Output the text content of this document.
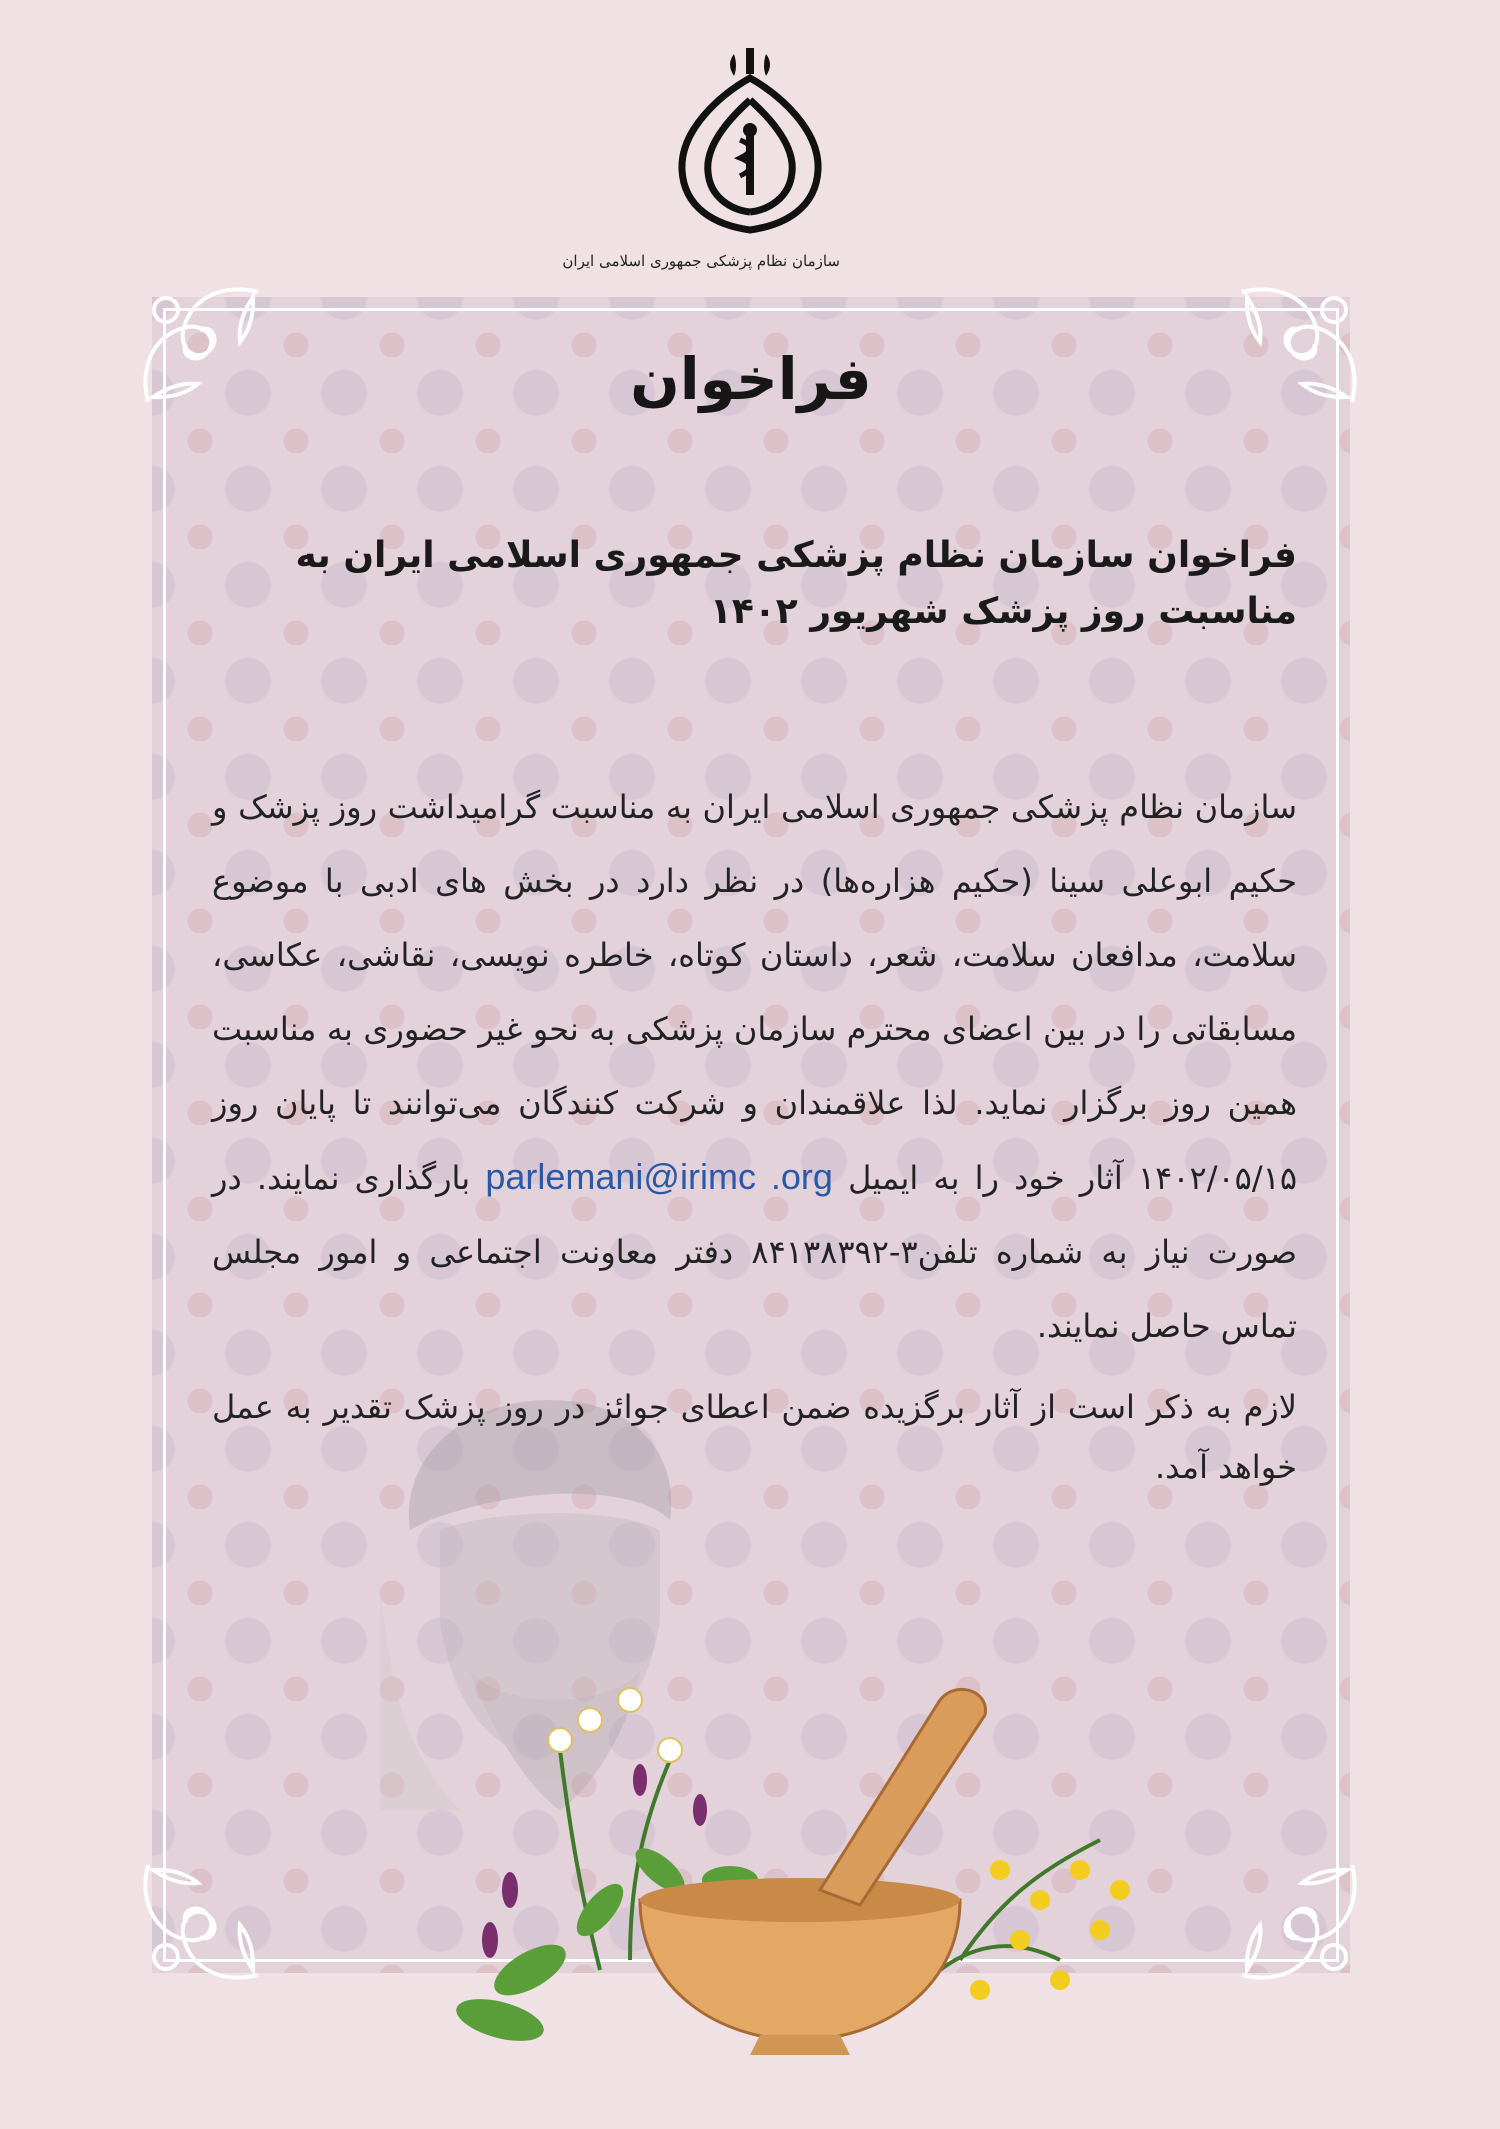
سازمان نظام پزشکی جمهوری اسلامی ایران
فراخوان
فراخوان سازمان نظام پزشکی جمهوری اسلامی ایران به مناسبت روز پزشک شهریور ۱۴۰۲

سازمان نظام پزشکی جمهوری اسلامی ایران به مناسبت گرامیداشت روز پزشک و حکیم ابوعلی سینا (حکیم هزاره‌ها) در نظر دارد در بخش های ادبی با موضوع سلامت، مدافعان سلامت، شعر، داستان کوتاه، خاطره نویسی، نقاشی، عکاسی، مسابقاتی را در بین اعضای محترم سازمان پزشکی به نحو غیر حضوری به مناسبت همین روز برگزار نماید. لذا علاقمندان و شرکت کنندگان می‌توانند تا پایان روز ۱۴۰۲/۰۵/۱۵ آثار خود را به ایمیل parlemani@irimc .org بارگذاری نمایند. در صورت نیاز به شماره تلفن۳-۸۴۱۳۸۳۹۲ دفتر معاونت اجتماعی و امور مجلس تماس حاصل نمایند.

لازم به ذکر است از آثار برگزیده ضمن اعطای جوائز در روز پزشک تقدیر به عمل خواهد آمد.
